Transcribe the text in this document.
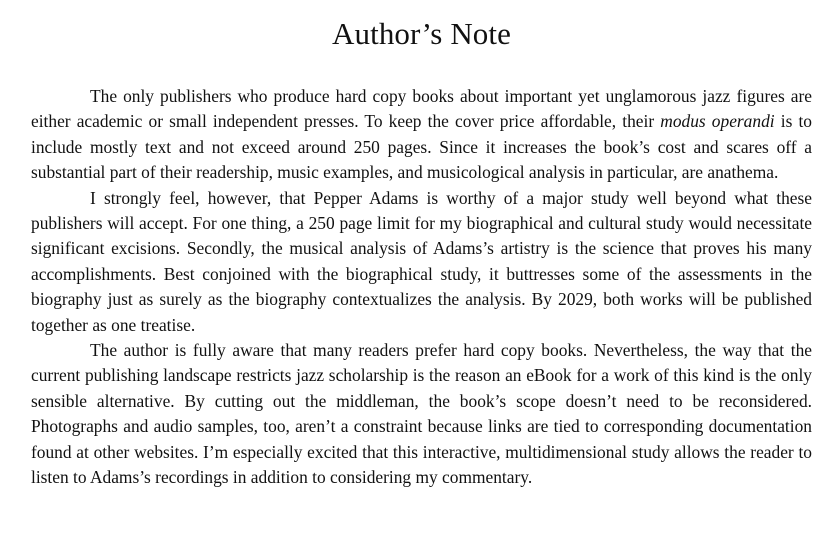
Author’s Note

The only publishers who produce hard copy books about important yet unglamorous jazz figures are either academic or small independent presses. To keep the cover price affordable, their modus operandi is to include mostly text and not exceed around 250 pages. Since it increases the book’s cost and scares off a substantial part of their readership, music examples, and musicological analysis in particular, are anathema.

I strongly feel, however, that Pepper Adams is worthy of a major study well beyond what these publishers will accept. For one thing, a 250 page limit for my biographical and cultural study would necessitate significant excisions. Secondly, the musical analysis of Adams’s artistry is the science that proves his many accomplishments. Best conjoined with the biographical study, it buttresses some of the assessments in the biography just as surely as the biography contextualizes the analysis. By 2029, both works will be published together as one treatise.

The author is fully aware that many readers prefer hard copy books. Nevertheless, the way that the current publishing landscape restricts jazz scholarship is the reason an eBook for a work of this kind is the only sensible alternative. By cutting out the middleman, the book’s scope doesn’t need to be reconsidered. Photographs and audio samples, too, aren’t a constraint because links are tied to corresponding documentation found at other websites. I’m especially excited that this interactive, multidimensional study allows the reader to listen to Adams’s recordings in addition to considering my commentary.
